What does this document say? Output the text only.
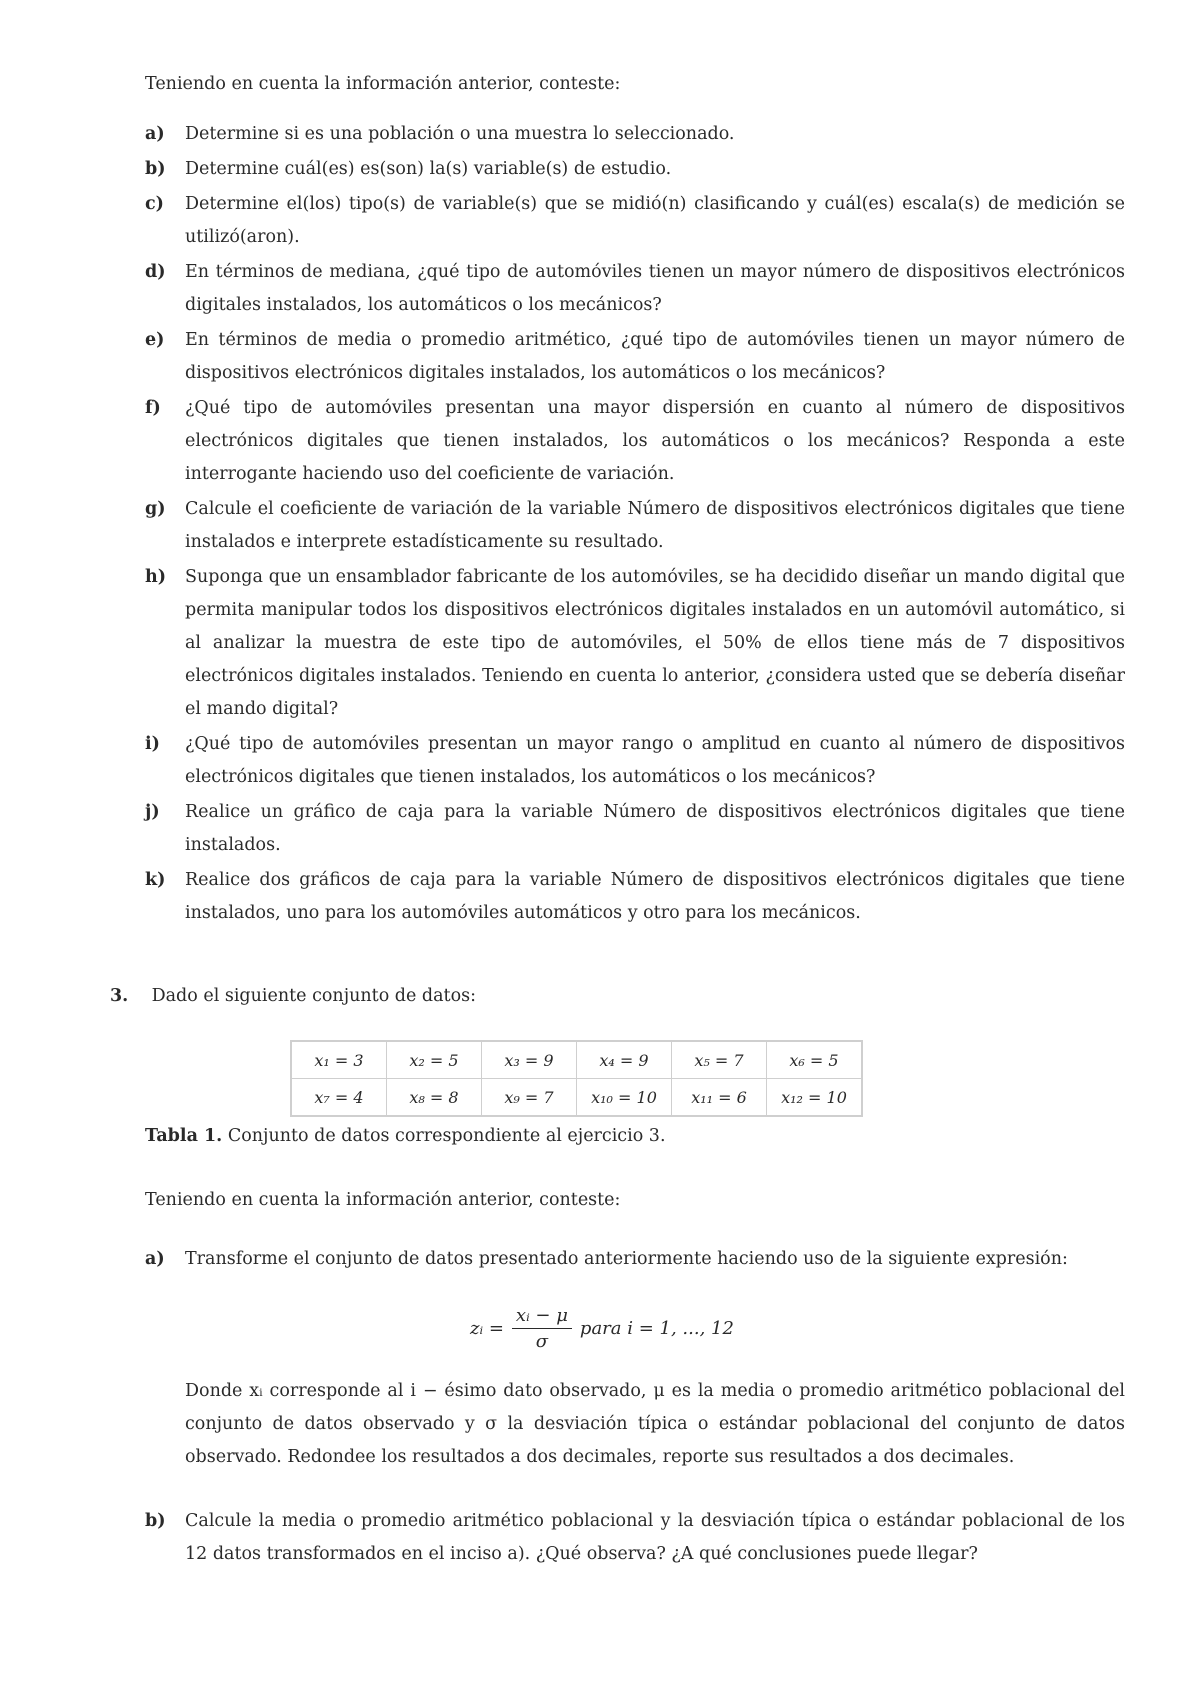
Teniendo en cuenta la información anterior, conteste:

a)	Determine si es una población o una muestra lo seleccionado.
b)	Determine cuál(es) es(son) la(s) variable(s) de estudio.
c)	Determine el(los) tipo(s) de variable(s) que se midió(n) clasificando y cuál(es) escala(s) de medición se utilizó(aron).
d)	En términos de mediana, ¿qué tipo de automóviles tienen un mayor número de dispositivos electrónicos digitales instalados, los automáticos o los mecánicos?
e)	En términos de media o promedio aritmético, ¿qué tipo de automóviles tienen un mayor número de dispositivos electrónicos digitales instalados, los automáticos o los mecánicos?
f)	¿Qué tipo de automóviles presentan una mayor dispersión en cuanto al número de dispositivos electrónicos digitales que tienen instalados, los automáticos o los mecánicos? Responda a este interrogante haciendo uso del coeficiente de variación.
g)	Calcule el coeficiente de variación de la variable Número de dispositivos electrónicos digitales que tiene instalados e interprete estadísticamente su resultado.
h)	Suponga que un ensamblador fabricante de los automóviles, se ha decidido diseñar un mando digital que permita manipular todos los dispositivos electrónicos digitales instalados en un automóvil automático, si al analizar la muestra de este tipo de automóviles, el 50% de ellos tiene más de 7 dispositivos electrónicos digitales instalados. Teniendo en cuenta lo anterior, ¿considera usted que se debería diseñar el mando digital?
i)	¿Qué tipo de automóviles presentan un mayor rango o amplitud en cuanto al número de dispositivos electrónicos digitales que tienen instalados, los automáticos o los mecánicos?
j)	Realice un gráfico de caja para la variable Número de dispositivos electrónicos digitales que tiene instalados.
k)	Realice dos gráficos de caja para la variable Número de dispositivos electrónicos digitales que tiene instalados, uno para los automóviles automáticos y otro para los mecánicos.
3. Dado el siguiente conjunto de datos:
x₁ = 3	x₂ = 5	x₃ = 9	x₄ = 9	x₅ = 7	x₆ = 5
x₇ = 4	x₈ = 8	x₉ = 7	x₁₀ = 10	x₁₁ = 6	x₁₂ = 10

Tabla 1. Conjunto de datos correspondiente al ejercicio 3.

Teniendo en cuenta la información anterior, conteste:

a)	Transforme el conjunto de datos presentado anteriormente haciendo uso de la siguiente expresión:
zᵢ = $\frac{\text{xᵢ − μ}}{\sigma}$ para i = 1, ..., 12

Donde xᵢ corresponde al i − ésimo dato observado, μ es la media o promedio aritmético poblacional del conjunto de datos observado y σ la desviación típica o estándar poblacional del conjunto de datos observado. Redondee los resultados a dos decimales, reporte sus resultados a dos decimales.

b)	Calcule la media o promedio aritmético poblacional y la desviación típica o estándar poblacional de los 12 datos transformados en el inciso a). ¿Qué observa? ¿A qué conclusiones puede llegar?
